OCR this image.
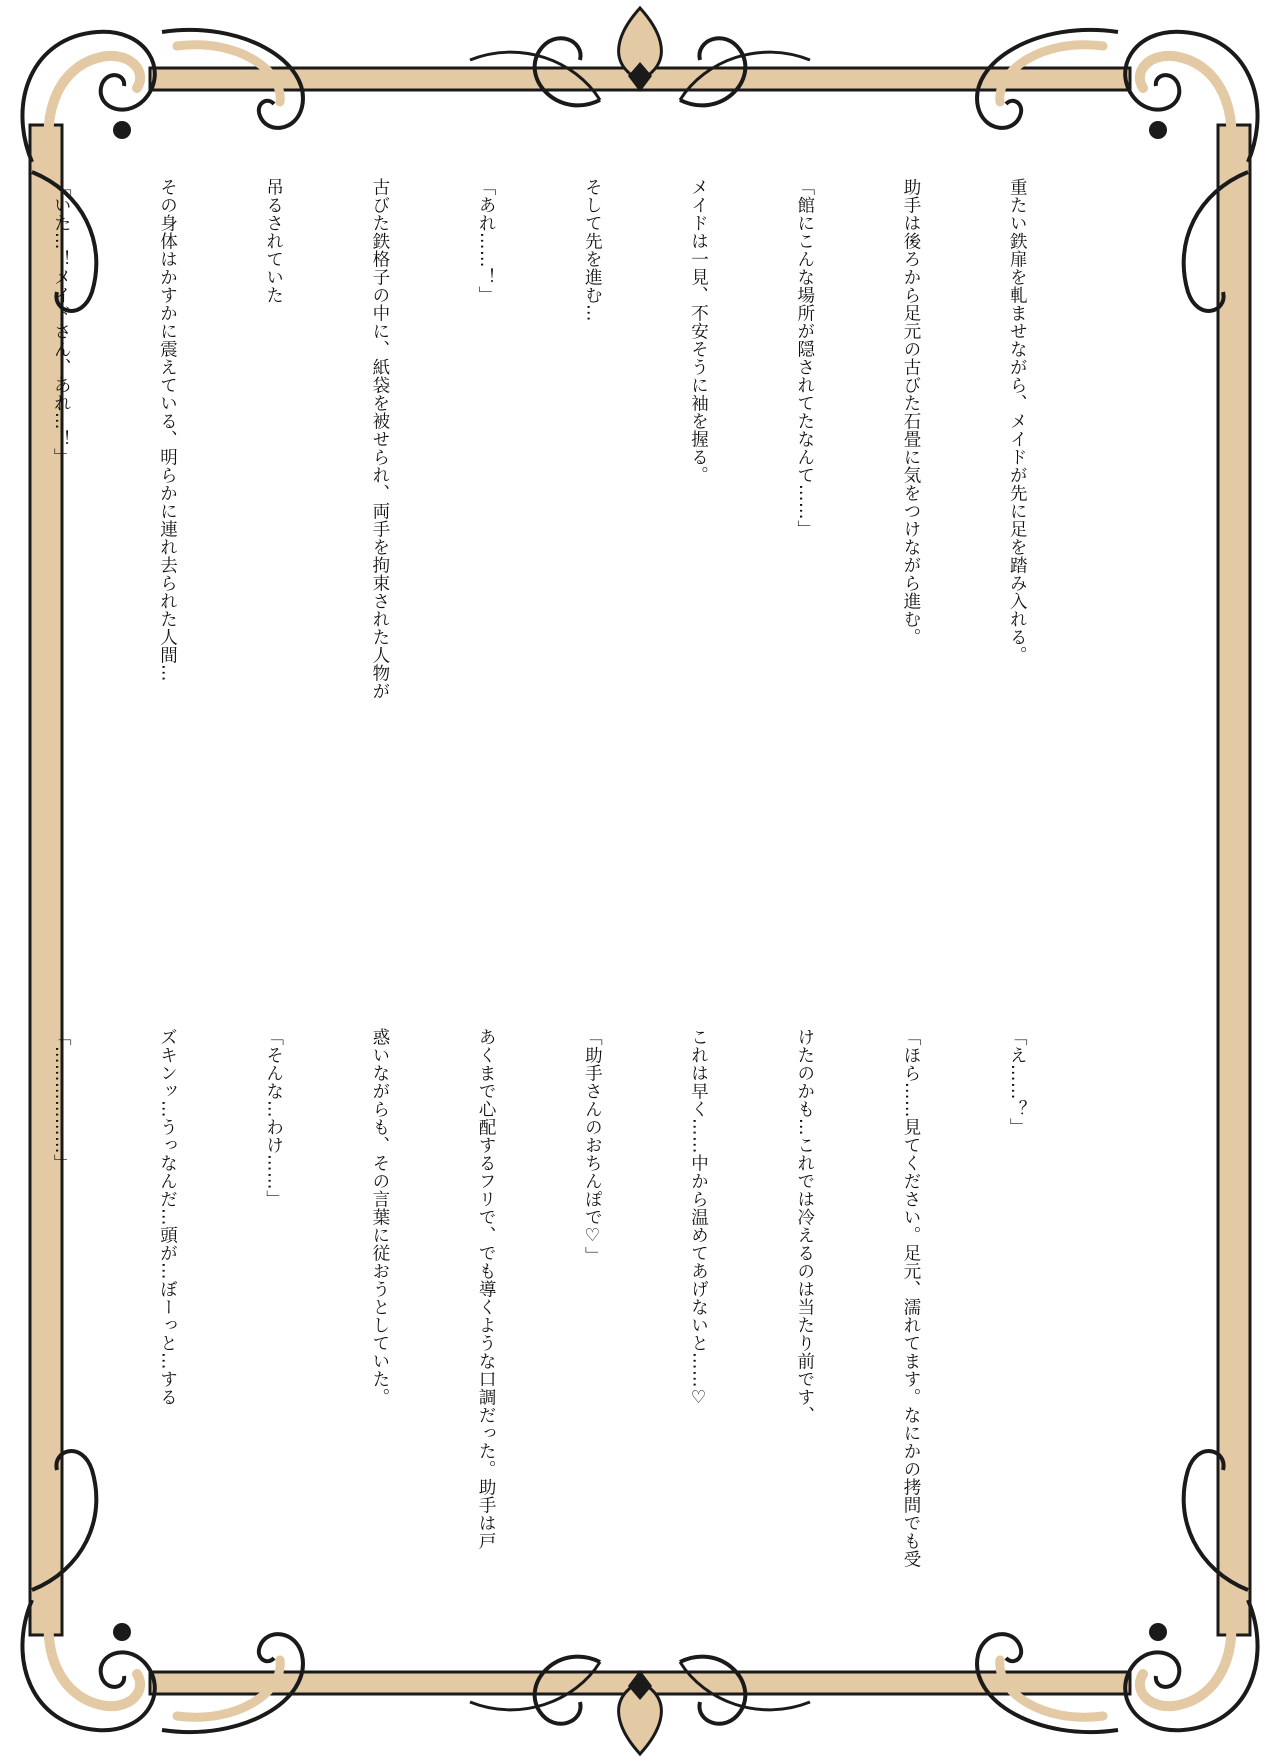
重たい鉄扉を軋ませながら、メイドが先に足を踏み入れる。

助手は後ろから足元の古びた石畳に気をつけながら進む。

「館にこんな場所が隠されてたなんて……」

メイドは一見、不安そうに袖を握る。

そして先を進む…

「あれ……！」

古びた鉄格子の中に、紙袋を被せられ、両手を拘束された人物が

吊るされていた

その身体はかすかに震えている、明らかに連れ去られた人間…

「いた…！メイドさん、あれ…！」

「え……？」

「ほら……見てください。足元、濡れてます。なにかの拷問でも受

けたのかも…これでは冷えるのは当たり前です、

これは早く……中から温めてあげないと……♡

「助手さんのおちんぽで♡」

あくまで心配するフリで、でも導くような口調だった。助手は戸

惑いながらも、その言葉に従おうとしていた。

「そんな…わけ……」

ズキンッ…うっなんだ…頭が…ぼーっと…する

「………………」
